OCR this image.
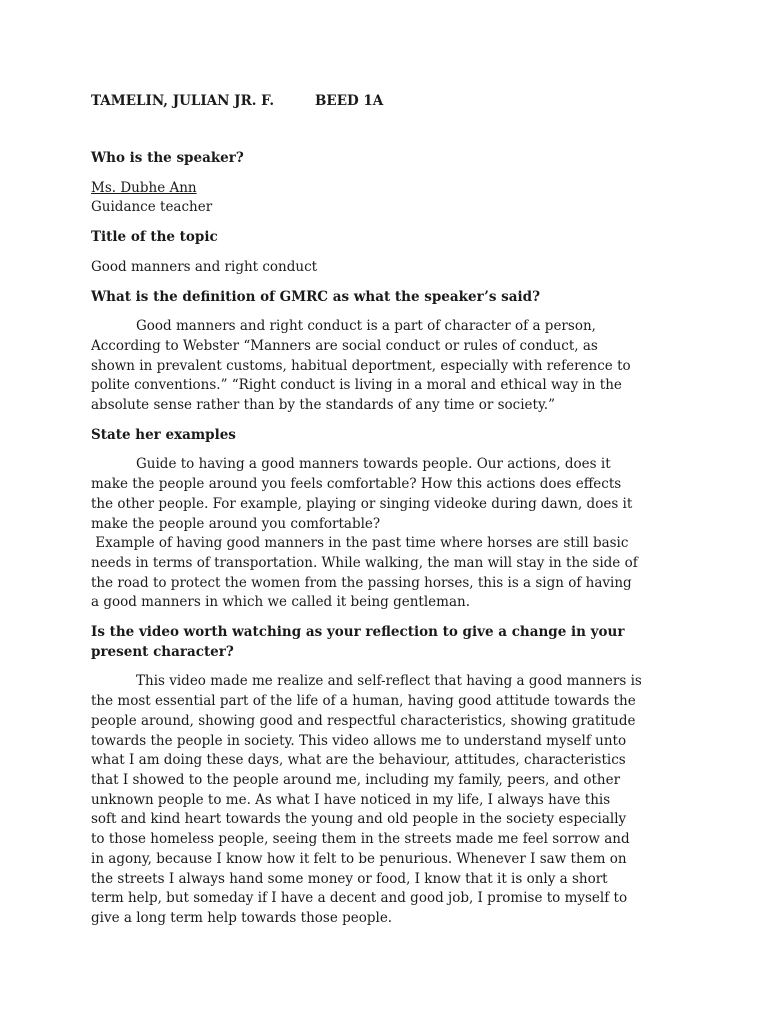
TAMELIN, JULIAN JR. F.	BEED 1A

Who is the speaker?

Ms. Dubhe Ann

Guidance teacher

Title of the topic

Good manners and right conduct

What is the definition of GMRC as what the speaker’s said?

Good manners and right conduct is a part of character of a person,
According to Webster “Manners are social conduct or rules of conduct, as
shown in prevalent customs, habitual deportment, especially with reference to
polite conventions.” “Right conduct is living in a moral and ethical way in the
absolute sense rather than by the standards of any time or society.”

State her examples

Guide to having a good manners towards people. Our actions, does it
make the people around you feels comfortable? How this actions does effects
the other people. For example, playing or singing videoke during dawn, does it
make the people around you comfortable?

Example of having good manners in the past time where horses are still basic
needs in terms of transportation. While walking, the man will stay in the side of
the road to protect the women from the passing horses, this is a sign of having
a good manners in which we called it being gentleman.

Is the video worth watching as your reflection to give a change in your
present character?

This video made me realize and self-reflect that having a good manners is
the most essential part of the life of a human, having good attitude towards the
people around, showing good and respectful characteristics, showing gratitude
towards the people in society. This video allows me to understand myself unto
what I am doing these days, what are the behaviour, attitudes, characteristics
that I showed to the people around me, including my family, peers, and other
unknown people to me. As what I have noticed in my life, I always have this
soft and kind heart towards the young and old people in the society especially
to those homeless people, seeing them in the streets made me feel sorrow and
in agony, because I know how it felt to be penurious. Whenever I saw them on
the streets I always hand some money or food, I know that it is only a short
term help, but someday if I have a decent and good job, I promise to myself to
give a long term help towards those people.
